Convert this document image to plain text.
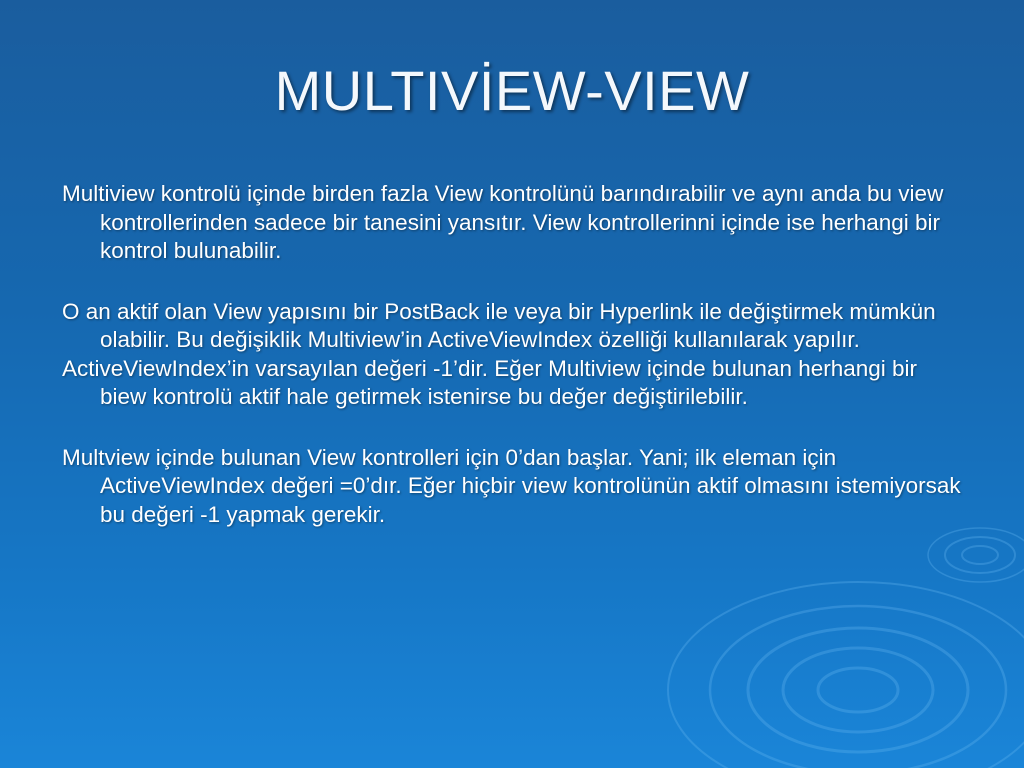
MULTIVİEW-VIEW

Multiview kontrolü içinde birden fazla View kontrolünü barındırabilir ve aynı anda bu view kontrollerinden sadece bir tanesini yansıtır. View kontrollerinni içinde ise herhangi bir kontrol bulunabilir.

O an aktif olan View yapısını bir PostBack ile veya bir Hyperlink ile değiştirmek mümkün olabilir. Bu değişiklik Multiview’in ActiveViewIndex özelliği kullanılarak yapılır.

ActiveViewIndex’in varsayılan değeri -1’dir. Eğer Multiview içinde bulunan herhangi bir biew kontrolü aktif hale getirmek istenirse bu değer değiştirilebilir.

Multview içinde bulunan View kontrolleri için 0’dan başlar. Yani; ilk eleman için ActiveViewIndex değeri =0’dır. Eğer hiçbir view kontrolünün aktif olmasını istemiyorsak bu değeri -1 yapmak gerekir.
